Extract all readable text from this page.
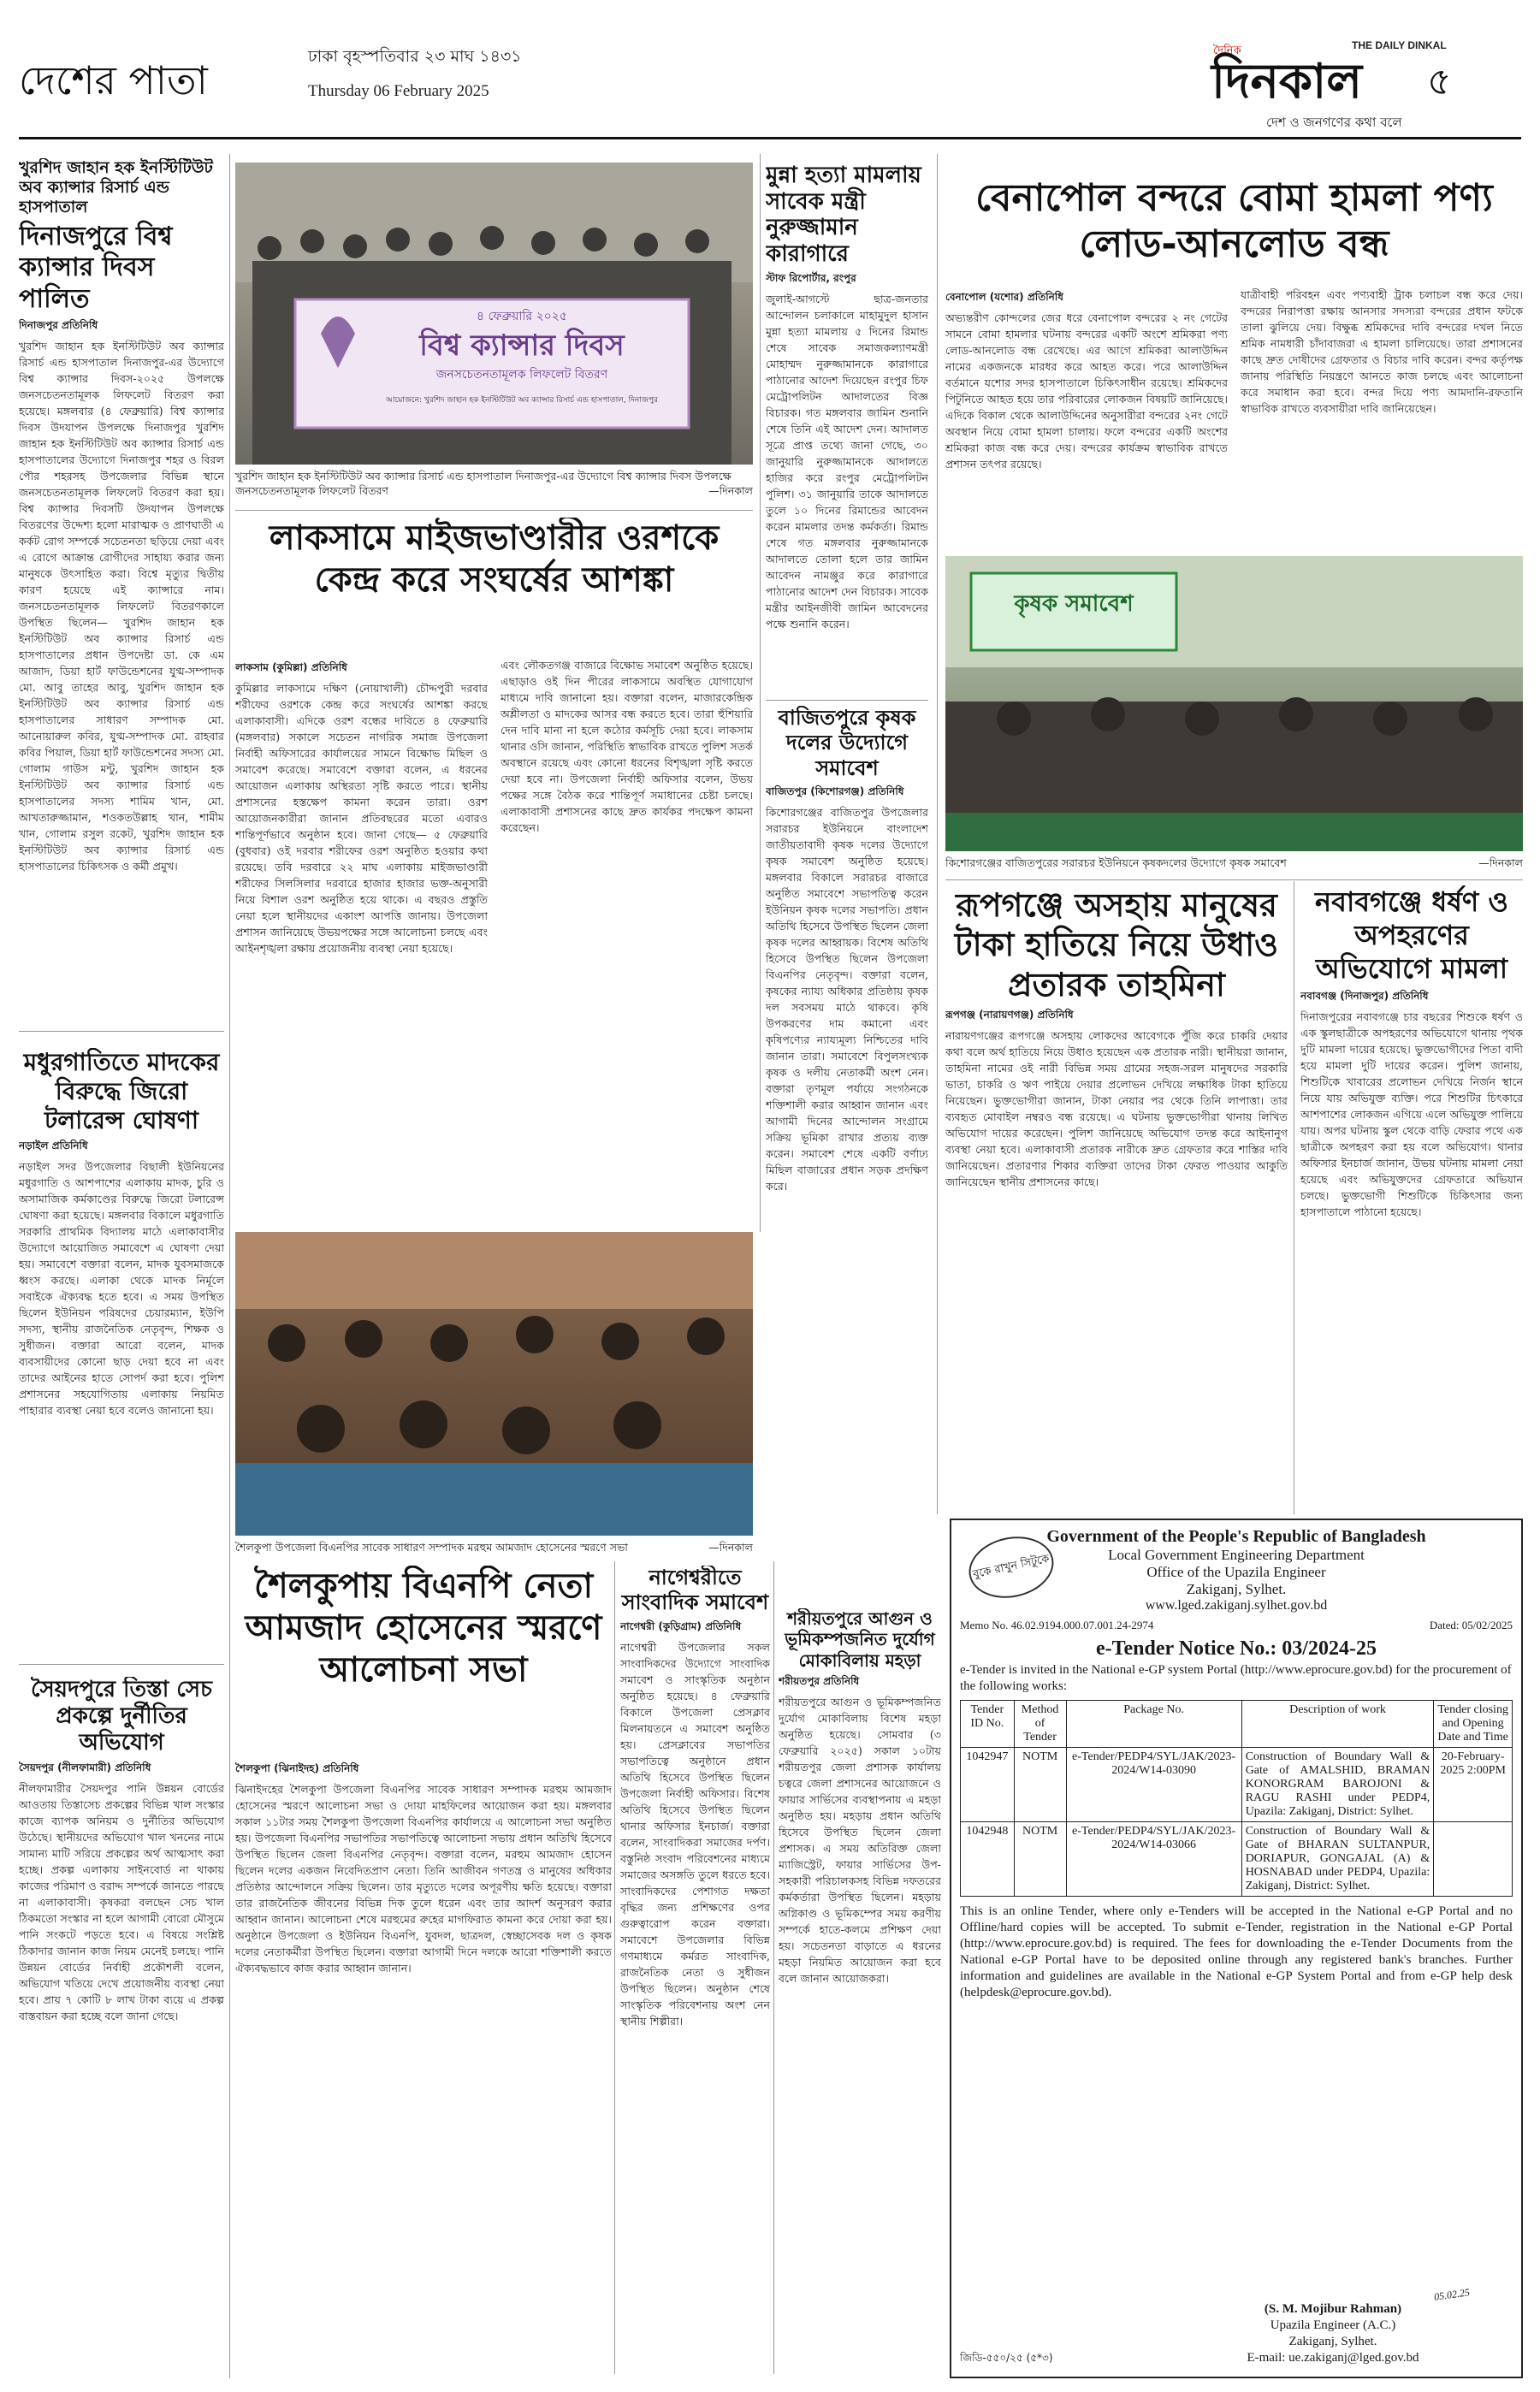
দেশের পাতা
ঢাকা বৃহস্পতিবার ২৩ মাঘ ১৪৩১
Thursday 06 February 2025
দৈনিক	THE DAILY DINKAL
দিনকাল ৫
দেশ ও জনগণের কথা বলে
খুরশিদ জাহান হক ইনস্টিটিউট অব ক্যান্সার রিসার্চ এন্ড হাসপাতাল
দিনাজপুরে বিশ্ব ক্যান্সার দিবস পালিত
দিনাজপুর প্রতিনিধি
খুরশিদ জাহান হক ইনস্টিটিউট অব ক্যান্সার রিসার্চ এন্ড হাসপাতাল দিনাজপুর-এর উদ্যোগে বিশ্ব ক্যান্সার দিবস-২০২৫ উপলক্ষে জনসচেতনতামূলক লিফলেট বিতরণ করা হয়েছে। মঙ্গলবার (৪ ফেব্রুয়ারি) বিশ্ব ক্যান্সার দিবস উদযাপন উপলক্ষে দিনাজপুর খুরশিদ জাহান হক ইনস্টিটিউট অব ক্যান্সার রিসার্চ এন্ড হাসপাতালের উদ্যোগে দিনাজপুর শহর ও বিরল পৌর শহরসহ উপজেলার বিভিন্ন স্থানে জনসচেতনতামূলক লিফলেট বিতরণ করা হয়। বিশ্ব ক্যান্সার দিবসটি উদযাপন উপলক্ষে বিতরণের উদ্দেশ্য হলো মারাত্মক ও প্রাণঘাতী এ কর্কট রোগ সম্পর্কে সচেতনতা ছড়িয়ে দেয়া এবং এ রোগে আক্রান্ত রোগীদের সাহায্য করার জন্য মানুষকে উৎসাহিত করা। বিশ্বে মৃত্যুর দ্বিতীয় কারণ হয়েছে এই ক্যান্সারে নাম। জনসচেতনতামূলক লিফলেট বিতরণকালে উপস্থিত ছিলেন— খুরশিদ জাহান হক ইনস্টিটিউট অব ক্যান্সার রিসার্চ এন্ড হাসপাতালের প্রধান উপদেষ্টা ডা. কে এম আজাদ, ডিয়া হার্ট ফাউন্ডেশনের যুগ্ম-সম্পাদক মো. আবু তাহের আবু, খুরশিদ জাহান হক ইনস্টিটিউট অব ক্যান্সার রিসার্চ এন্ড হাসপাতালের সাধারণ সম্পাদক মো. আনোয়ারুল কবির, যুগ্ম-সম্পাদক মো. রাহবার কবির পিয়াল, ডিয়া হার্ট ফাউন্ডেশনের সদস্য মো. গোলাম গাউস মন্টু, খুরশিদ জাহান হক ইনস্টিটিউট অব ক্যান্সার রিসার্চ এন্ড হাসপাতালের সদস্য শামিম খান, মো. আখতারুজ্জামান, শওকতউল্লাহ খান, শামীম খান, গোলাম রসুল রকেট, খুরশিদ জাহান হক ইনস্টিটিউট অব ক্যান্সার রিসার্চ এন্ড হাসপাতালের চিকিৎসক ও কর্মী প্রমুখ।
৪ ফেব্রুয়ারি ২০২৫
বিশ্ব ক্যান্সার দিবস
জনসচেতনতামূলক লিফলেট বিতরণ
আয়োজনে: খুরশিদ জাহান হক ইনস্টিটিউট অব ক্যান্সার রিসার্চ এন্ড হাসপাতাল, দিনাজপুর
খুরশিদ জাহান হক ইনস্টিটিউট অব ক্যান্সার রিসার্চ এন্ড হাসপাতাল দিনাজপুর-এর উদ্যোগে বিশ্ব ক্যান্সার দিবস উপলক্ষে জনসচেতনতামূলক লিফলেট বিতরণ	—দিনকাল
মুন্না হত্যা মামলায় সাবেক মন্ত্রী নুরুজ্জামান কারাগারে
স্টাফ রিপোর্টার, রংপুর
জুলাই-আগস্টে ছাত্র-জনতার আন্দোলন চলাকালে মাহামুদুল হাসান মুন্না হত্যা মামলায় ৫ দিনের রিমান্ড শেষে সাবেক সমাজকল্যাণমন্ত্রী মোহাম্মদ নুরুজ্জামানকে কারাগারে পাঠানোর আদেশ দিয়েছেন রংপুর চিফ মেট্রোপলিটন আদালতের বিজ্ঞ বিচারক। গত মঙ্গলবার জামিন শুনানি শেষে তিনি এই আদেশ দেন। আদালত সূত্রে প্রাপ্ত তথ্যে জানা গেছে, ৩০ জানুয়ারি নুরুজ্জামানকে আদালতে হাজির করে রংপুর মেট্রোপলিটন পুলিশ। ৩১ জানুয়ারি তাকে আদালতে তুলে ১০ দিনের রিমান্ডের আবেদন করেন মামলার তদন্ত কর্মকর্তা। রিমান্ড শেষে গত মঙ্গলবার নুরুজ্জামানকে আদালতে তোলা হলে তার জামিন আবেদন নামঞ্জুর করে কারাগারে পাঠানোর আদেশ দেন বিচারক। সাবেক মন্ত্রীর আইনজীবী জামিন আবেদনের পক্ষে শুনানি করেন।
বেনাপোল বন্দরে বোমা হামলা পণ্য লোড-আনলোড বন্ধ
বেনাপোল (যশোর) প্রতিনিধি
অভ্যন্তরীণ কোন্দলের জের ধরে বেনাপোল বন্দরের ২ নং গেটের সামনে বোমা হামলার ঘটনায় বন্দরের একটি অংশে শ্রমিকরা পণ্য লোড-আনলোড বন্ধ রেখেছে। এর আগে শ্রমিকরা আলাউদ্দিন নামের একজনকে মারধর করে আহত করে। পরে আলাউদ্দিন বর্তমানে যশোর সদর হাসপাতালে চিকিৎসাধীন রয়েছে। শ্রমিকদের পিটুনিতে আহত হয়ে তার পরিবারের লোকজন বিষয়টি জানিয়েছে। এদিকে বিকাল থেকে আলাউদ্দিনের অনুসারীরা বন্দরের ২নং গেটে অবস্থান নিয়ে বোমা হামলা চালায়। ফলে বন্দরের একটি অংশের শ্রমিকরা কাজ বন্ধ করে দেয়। বন্দরের কার্যক্রম স্বাভাবিক রাখতে প্রশাসন তৎপর রয়েছে।
যাত্রীবাহী পরিবহন এবং পণ্যবাহী ট্রাক চলাচল বন্ধ করে দেয়। বন্দরের নিরাপত্তা রক্ষায় আনসার সদস্যরা বন্দরের প্রধান ফটকে তালা ঝুলিয়ে দেয়। বিক্ষুব্ধ শ্রমিকদের দাবি বন্দরের দখল নিতে শ্রমিক নামধারী চাঁদাবাজরা এ হামলা চালিয়েছে। তারা প্রশাসনের কাছে দ্রুত দোষীদের গ্রেফতার ও বিচার দাবি করেন। বন্দর কর্তৃপক্ষ জানায় পরিস্থিতি নিয়ন্ত্রণে আনতে কাজ চলছে এবং আলোচনা করে সমাধান করা হবে। বন্দর দিয়ে পণ্য আমদানি-রফতানি স্বাভাবিক রাখতে ব্যবসায়ীরা দাবি জানিয়েছেন।
কৃষক সমাবেশ
কিশোরগঞ্জের বাজিতপুরের সরারচর ইউনিয়নে কৃষকদলের উদ্যোগে কৃষক সমাবেশ	—দিনকাল
লাকসামে মাইজভাণ্ডারীর ওরশকে কেন্দ্র করে সংঘর্ষের আশঙ্কা
লাকসাম (কুমিল্লা) প্রতিনিধি
কুমিল্লার লাকসামে দক্ষিণ (নোয়াখালী) চৌদ্দপুরী দরবার শরীফের ওরশকে কেন্দ্র করে সংঘর্ষের আশঙ্কা করছে এলাকাবাসী। এদিকে ওরশ বন্ধের দাবিতে ৪ ফেব্রুয়ারি (মঙ্গলবার) সকালে সচেতন নাগরিক সমাজ উপজেলা নির্বাহী অফিসারের কার্যালয়ের সামনে বিক্ষোভ মিছিল ও সমাবেশ করেছে। সমাবেশে বক্তারা বলেন, এ ধরনের আয়োজন এলাকায় অস্থিরতা সৃষ্টি করতে পারে। স্থানীয় প্রশাসনের হস্তক্ষেপ কামনা করেন তারা। ওরশ আয়োজনকারীরা জানান প্রতিবছরের মতো এবারও শান্তিপূর্ণভাবে অনুষ্ঠান হবে। জানা গেছে— ৫ ফেব্রুয়ারি (বুধবার) ওই দরবার শরীফের ওরশ অনুষ্ঠিত হওয়ার কথা রয়েছে। তবি দরবারে ২২ মাঘ এলাকায় মাইজভাণ্ডারী শরীফের সিলসিলার দরবারে হাজার হাজার ভক্ত-অনুসারী নিয়ে বিশাল ওরশ অনুষ্ঠিত হয়ে থাকে। এ বছরও প্রস্তুতি নেয়া হলে স্থানীয়দের একাংশ আপত্তি জানায়। উপজেলা প্রশাসন জানিয়েছে উভয়পক্ষের সঙ্গে আলোচনা চলছে এবং আইনশৃঙ্খলা রক্ষায় প্রয়োজনীয় ব্যবস্থা নেয়া হয়েছে।
এবং লৌকতগঞ্জ বাজারে বিক্ষোভ সমাবেশ অনুষ্ঠিত হয়েছে। এছাড়াও ওই দিন পীরের লাকসামে অবস্থিত যোগাযোগ মাধ্যমে দাবি জানানো হয়। বক্তারা বলেন, মাজারকেন্দ্রিক অশ্লীলতা ও মাদকের আসর বন্ধ করতে হবে। তারা হুঁশিয়ারি দেন দাবি মানা না হলে কঠোর কর্মসূচি দেয়া হবে। লাকসাম থানার ওসি জানান, পরিস্থিতি স্বাভাবিক রাখতে পুলিশ সতর্ক অবস্থানে রয়েছে এবং কোনো ধরনের বিশৃঙ্খলা সৃষ্টি করতে দেয়া হবে না। উপজেলা নির্বাহী অফিসার বলেন, উভয় পক্ষের সঙ্গে বৈঠক করে শান্তিপূর্ণ সমাধানের চেষ্টা চলছে। এলাকাবাসী প্রশাসনের কাছে দ্রুত কার্যকর পদক্ষেপ কামনা করেছেন।
মধুরগাতিতে মাদকের বিরুদ্ধে জিরো টলারেন্স ঘোষণা
নড়াইল প্রতিনিধি
নড়াইল সদর উপজেলার বিছালী ইউনিয়নের মধুরগাতি ও আশপাশের এলাকায় মাদক, চুরি ও অসামাজিক কর্মকাণ্ডের বিরুদ্ধে জিরো টলারেন্স ঘোষণা করা হয়েছে। মঙ্গলবার বিকালে মধুরগাতি সরকারি প্রাথমিক বিদ্যালয় মাঠে এলাকাবাসীর উদ্যোগে আয়োজিত সমাবেশে এ ঘোষণা দেয়া হয়। সমাবেশে বক্তারা বলেন, মাদক যুবসমাজকে ধ্বংস করছে। এলাকা থেকে মাদক নির্মূলে সবাইকে ঐক্যবদ্ধ হতে হবে। এ সময় উপস্থিত ছিলেন ইউনিয়ন পরিষদের চেয়ারম্যান, ইউপি সদস্য, স্থানীয় রাজনৈতিক নেতৃবৃন্দ, শিক্ষক ও সুধীজন। বক্তারা আরো বলেন, মাদক ব্যবসায়ীদের কোনো ছাড় দেয়া হবে না এবং তাদের আইনের হাতে সোপর্দ করা হবে। পুলিশ প্রশাসনের সহযোগিতায় এলাকায় নিয়মিত পাহারার ব্যবস্থা নেয়া হবে বলেও জানানো হয়।
সৈয়দপুরে তিস্তা সেচ প্রকল্পে দুর্নীতির অভিযোগ
সৈয়দপুর (নীলফামারী) প্রতিনিধি
নীলফামারীর সৈয়দপুর পানি উন্নয়ন বোর্ডের আওতায় তিস্তাসেচ প্রকল্পের বিভিন্ন খাল সংস্কার কাজে ব্যাপক অনিয়ম ও দুর্নীতির অভিযোগ উঠেছে। স্থানীয়দের অভিযোগ খাল খননের নামে সামান্য মাটি সরিয়ে প্রকল্পের অর্থ আত্মসাৎ করা হচ্ছে। প্রকল্প এলাকায় সাইনবোর্ড না থাকায় কাজের পরিমাণ ও বরাদ্দ সম্পর্কে জানতে পারছে না এলাকাবাসী। কৃষকরা বলছেন সেচ খাল ঠিকমতো সংস্কার না হলে আগামী বোরো মৌসুমে পানি সংকটে পড়তে হবে। এ বিষয়ে সংশ্লিষ্ট ঠিকাদার জানান কাজ নিয়ম মেনেই চলছে। পানি উন্নয়ন বোর্ডের নির্বাহী প্রকৌশলী বলেন, অভিযোগ খতিয়ে দেখে প্রয়োজনীয় ব্যবস্থা নেয়া হবে। প্রায় ৭ কোটি ৮ লাখ টাকা ব্যয়ে এ প্রকল্প বাস্তবায়ন করা হচ্ছে বলে জানা গেছে।
শৈলকুপা উপজেলা বিএনপির সাবেক সাধারণ সম্পাদক মরহুম আমজাদ হোসেনের স্মরণে সভা	—দিনকাল
শৈলকুপায় বিএনপি নেতা আমজাদ হোসেনের স্মরণে আলোচনা সভা
শৈলকুপা (ঝিনাইদহ) প্রতিনিধি
ঝিনাইদহের শৈলকুপা উপজেলা বিএনপির সাবেক সাধারণ সম্পাদক মরহুম আমজাদ হোসেনের স্মরণে আলোচনা সভা ও দোয়া মাহফিলের আয়োজন করা হয়। মঙ্গলবার সকাল ১১টার সময় শৈলকুপা উপজেলা বিএনপির কার্যালয়ে এ আলোচনা সভা অনুষ্ঠিত হয়। উপজেলা বিএনপির সভাপতির সভাপতিত্বে আলোচনা সভায় প্রধান অতিথি হিসেবে উপস্থিত ছিলেন জেলা বিএনপির নেতৃবৃন্দ। বক্তারা বলেন, মরহুম আমজাদ হোসেন ছিলেন দলের একজন নিবেদিতপ্রাণ নেতা। তিনি আজীবন গণতন্ত্র ও মানুষের অধিকার প্রতিষ্ঠার আন্দোলনে সক্রিয় ছিলেন। তার মৃত্যুতে দলের অপূরণীয় ক্ষতি হয়েছে। বক্তারা তার রাজনৈতিক জীবনের বিভিন্ন দিক তুলে ধরেন এবং তার আদর্শ অনুসরণ করার আহ্বান জানান। আলোচনা শেষে মরহুমের রুহের মাগফিরাত কামনা করে দোয়া করা হয়। অনুষ্ঠানে উপজেলা ও ইউনিয়ন বিএনপি, যুবদল, ছাত্রদল, স্বেচ্ছাসেবক দল ও কৃষক দলের নেতাকর্মীরা উপস্থিত ছিলেন। বক্তারা আগামী দিনে দলকে আরো শক্তিশালী করতে ঐক্যবদ্ধভাবে কাজ করার আহ্বান জানান।
বাজিতপুরে কৃষক দলের উদ্যোগে সমাবেশ
বাজিতপুর (কিশোরগঞ্জ) প্রতিনিধি
কিশোরগঞ্জের বাজিতপুর উপজেলার সরারচর ইউনিয়নে বাংলাদেশ জাতীয়তাবাদী কৃষক দলের উদ্যোগে কৃষক সমাবেশ অনুষ্ঠিত হয়েছে। মঙ্গলবার বিকালে সরারচর বাজারে অনুষ্ঠিত সমাবেশে সভাপতিত্ব করেন ইউনিয়ন কৃষক দলের সভাপতি। প্রধান অতিথি হিসেবে উপস্থিত ছিলেন জেলা কৃষক দলের আহ্বায়ক। বিশেষ অতিথি হিসেবে উপস্থিত ছিলেন উপজেলা বিএনপির নেতৃবৃন্দ। বক্তারা বলেন, কৃষকের ন্যায্য অধিকার প্রতিষ্ঠায় কৃষক দল সবসময় মাঠে থাকবে। কৃষি উপকরণের দাম কমানো এবং কৃষিপণ্যের ন্যায্যমূল্য নিশ্চিতের দাবি জানান তারা। সমাবেশে বিপুলসংখ্যক কৃষক ও দলীয় নেতাকর্মী অংশ নেন। বক্তারা তৃণমূল পর্যায়ে সংগঠনকে শক্তিশালী করার আহ্বান জানান এবং আগামী দিনের আন্দোলন সংগ্রামে সক্রিয় ভূমিকা রাখার প্রত্যয় ব্যক্ত করেন। সমাবেশ শেষে একটি বর্ণাঢ্য মিছিল বাজারের প্রধান সড়ক প্রদক্ষিণ করে।
নাগেশ্বরীতে সাংবাদিক সমাবেশ
নাগেশ্বরী (কুড়িগ্রাম) প্রতিনিধি
নাগেশ্বরী উপজেলার সকল সাংবাদিকদের উদ্যোগে সাংবাদিক সমাবেশ ও সাংস্কৃতিক অনুষ্ঠান অনুষ্ঠিত হয়েছে। ৪ ফেব্রুয়ারি বিকালে উপজেলা প্রেসক্লাব মিলনায়তনে এ সমাবেশ অনুষ্ঠিত হয়। প্রেসক্লাবের সভাপতির সভাপতিত্বে অনুষ্ঠানে প্রধান অতিথি হিসেবে উপস্থিত ছিলেন উপজেলা নির্বাহী অফিসার। বিশেষ অতিথি হিসেবে উপস্থিত ছিলেন থানার অফিসার ইনচার্জ। বক্তারা বলেন, সাংবাদিকরা সমাজের দর্পণ। বস্তুনিষ্ঠ সংবাদ পরিবেশনের মাধ্যমে সমাজের অসঙ্গতি তুলে ধরতে হবে। সাংবাদিকদের পেশাগত দক্ষতা বৃদ্ধির জন্য প্রশিক্ষণের ওপর গুরুত্বারোপ করেন বক্তারা। সমাবেশে উপজেলার বিভিন্ন গণমাধ্যমে কর্মরত সাংবাদিক, রাজনৈতিক নেতা ও সুধীজন উপস্থিত ছিলেন। অনুষ্ঠান শেষে সাংস্কৃতিক পরিবেশনায় অংশ নেন স্থানীয় শিল্পীরা।
শরীয়তপুরে আগুন ও ভূমিকম্পজনিত দুর্যোগ মোকাবিলায় মহড়া
শরীয়তপুর প্রতিনিধি
শরীয়তপুরে আগুন ও ভূমিকম্পজনিত দুর্যোগ মোকাবিলায় বিশেষ মহড়া অনুষ্ঠিত হয়েছে। সোমবার (৩ ফেব্রুয়ারি ২০২৫) সকাল ১০টায় শরীয়তপুর জেলা প্রশাসক কার্যালয় চত্বরে জেলা প্রশাসনের আয়োজনে ও ফায়ার সার্ভিসের ব্যবস্থাপনায় এ মহড়া অনুষ্ঠিত হয়। মহড়ায় প্রধান অতিথি হিসেবে উপস্থিত ছিলেন জেলা প্রশাসক। এ সময় অতিরিক্ত জেলা ম্যাজিস্ট্রেট, ফায়ার সার্ভিসের উপ-সহকারী পরিচালকসহ বিভিন্ন দফতরের কর্মকর্তারা উপস্থিত ছিলেন। মহড়ায় অগ্নিকাণ্ড ও ভূমিকম্পের সময় করণীয় সম্পর্কে হাতে-কলমে প্রশিক্ষণ দেয়া হয়। সচেতনতা বাড়াতে এ ধরনের মহড়া নিয়মিত আয়োজন করা হবে বলে জানান আয়োজকরা।
রূপগঞ্জে অসহায় মানুষের টাকা হাতিয়ে নিয়ে উধাও প্রতারক তাহমিনা
রূপগঞ্জ (নারায়ণগঞ্জ) প্রতিনিধি
নারায়ণগঞ্জের রূপগঞ্জে অসহায় লোকদের আবেগকে পুঁজি করে চাকরি দেয়ার কথা বলে অর্থ হাতিয়ে নিয়ে উধাও হয়েছেন এক প্রতারক নারী। স্থানীয়রা জানান, তাহমিনা নামের ওই নারী বিভিন্ন সময় গ্রামের সহজ-সরল মানুষদের সরকারি ভাতা, চাকরি ও ঋণ পাইয়ে দেয়ার প্রলোভন দেখিয়ে লক্ষাধিক টাকা হাতিয়ে নিয়েছেন। ভুক্তভোগীরা জানান, টাকা নেয়ার পর থেকে তিনি লাপাত্তা। তার ব্যবহৃত মোবাইল নম্বরও বন্ধ রয়েছে। এ ঘটনায় ভুক্তভোগীরা থানায় লিখিত অভিযোগ দায়ের করেছেন। পুলিশ জানিয়েছে অভিযোগ তদন্ত করে আইনানুগ ব্যবস্থা নেয়া হবে। এলাকাবাসী প্রতারক নারীকে দ্রুত গ্রেফতার করে শাস্তির দাবি জানিয়েছেন। প্রতারণার শিকার ব্যক্তিরা তাদের টাকা ফেরত পাওয়ার আকুতি জানিয়েছেন স্থানীয় প্রশাসনের কাছে।
নবাবগঞ্জে ধর্ষণ ও অপহরণের অভিযোগে মামলা
নবাবগঞ্জ (দিনাজপুর) প্রতিনিধি
দিনাজপুরের নবাবগঞ্জে চার বছরের শিশুকে ধর্ষণ ও এক স্কুলছাত্রীকে অপহরণের অভিযোগে থানায় পৃথক দুটি মামলা দায়ের হয়েছে। ভুক্তভোগীদের পিতা বাদী হয়ে মামলা দুটি দায়ের করেন। পুলিশ জানায়, শিশুটিকে খাবারের প্রলোভন দেখিয়ে নির্জন স্থানে নিয়ে যায় অভিযুক্ত ব্যক্তি। পরে শিশুটির চিৎকারে আশপাশের লোকজন এগিয়ে এলে অভিযুক্ত পালিয়ে যায়। অপর ঘটনায় স্কুল থেকে বাড়ি ফেরার পথে এক ছাত্রীকে অপহরণ করা হয় বলে অভিযোগ। থানার অফিসার ইনচার্জ জানান, উভয় ঘটনায় মামলা নেয়া হয়েছে এবং অভিযুক্তদের গ্রেফতারে অভিযান চলছে। ভুক্তভোগী শিশুটিকে চিকিৎসার জন্য হাসপাতালে পাঠানো হয়েছে।
Government of the People's Republic of Bangladesh
Local Government Engineering Department
Office of the Upazila Engineer
Zakiganj, Sylhet.
www.lged.zakiganj.sylhet.gov.bd
বুকে রাখুন সিটুকে
Memo No. 46.02.9194.000.07.001.24-2974	Dated: 05/02/2025
e-Tender Notice No.: 03/2024-25
e-Tender is invited in the National e-GP system Portal (http://www.eprocure.gov.bd) for the procurement of the following works:
Tender ID No.	Method of Tender	Package No.	Description of work	Tender closing and Opening Date and Time
1042947	NOTM	e-Tender/PEDP4/SYL/JAK/2023-2024/W14-03090	Construction of Boundary Wall & Gate of AMALSHID, BRAMAN KONORGRAM BAROJONI & RAGU RASHI under PEDP4, Upazila: Zakiganj, District: Sylhet.	20-February-2025 2:00PM
1042948	NOTM	e-Tender/PEDP4/SYL/JAK/2023-2024/W14-03066	Construction of Boundary Wall & Gate of BHARAN SULTANPUR, DORIAPUR, GONGAJAL (A) & HOSNABAD under PEDP4, Upazila: Zakiganj, District: Sylhet.	
This is an online Tender, where only e-Tenders will be accepted in the National e-GP Portal and no Offline/hard copies will be accepted. To submit e-Tender, registration in the National e-GP Portal (http://www.eprocure.gov.bd) is required. The fees for downloading the e-Tender Documents from the National e-GP Portal have to be deposited online through any registered bank's branches. Further information and guidelines are available in the National e-GP System Portal and from e-GP help desk (helpdesk@eprocure.gov.bd).
05.02.25
(S. M. Mojibur Rahman)
Upazila Engineer (A.C.)
Zakiganj, Sylhet.
E-mail: ue.zakiganj@lged.gov.bd
জিডি-৫৫০/২৫ (৫*৩)
